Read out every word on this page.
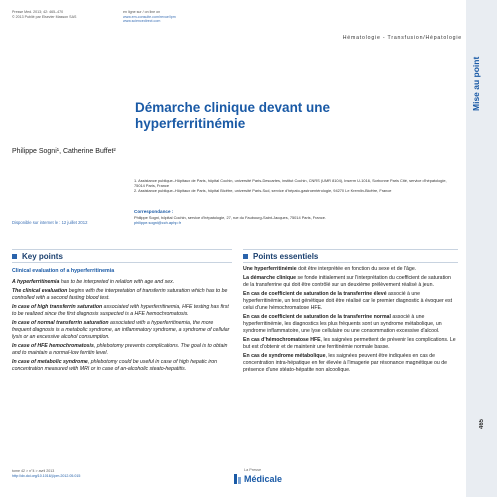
Presse Med. 2013; 42: 465–470
© 2013 Publié par Elsevier Masson SAS
en ligne sur / on line on
www.em-consulte.com/revue/lpm
www.sciencedirect.com
Hématologie - Transfusion/Hépatologie
Mise au point
465
Démarche clinique devant une hyperferritinémie
Philippe Sogni¹, Catherine Buffet²
1. Assistance publique–Hôpitaux de Paris, hôpital Cochin, université Paris-Descartes, institut Cochin, CNRS (UMR 8104), Inserm U-1016, Sorbonne Paris Cité, service d'hépatologie, 75014 Paris, France
2. Assistance publique–Hôpitaux de Paris, hôpital Bicêtre, université Paris-Sud, service d'hépato-gastroentérologie, 94270 Le Kremlin-Bicêtre, France
Disponible sur internet le : 12 juillet 2012
Correspondance :
Philippe Sogni, hôpital Cochin, service d'hépatologie, 27, rue du Faubourg-Saint-Jacques, 75014 Paris, France.
philippe.sogni@cch.aphp.fr
Key points
Clinical evaluation of a hyperferritinemia

A hyperferritinemia has to be interpreted in relation with age and sex.

The clinical evaluation begins with the interpretation of transferrin saturation which has to be controlled with a second fasting blood test.

In case of high transferrin saturation associated with hyperferritinemia, HFE testing has first to be realized since the first diagnosis suspected is a HFE hemochromatosis.

In case of normal transferrin saturation associated with a hyperferritinemia, the more frequent diagnosis is a metabolic syndrome, an inflammatory syndrome, a syndrome of cellular lysis or an excessive alcohol consumption.

In case of HFE hemochromatosis, phlebotomy prevents complications. The goal is to obtain and to maintain a normal-low ferritin level.

In case of metabolic syndrome, phlebotomy could be useful in case of high hepatic iron concentration measured with MRI or in case of an-alcoholic steato-hepatitis.

Points essentiels

Une hyperferritinémie doit être interprétée en fonction du sexe et de l'âge.

La démarche clinique se fonde initialement sur l'interprétation du coefficient de saturation de la transferrine qui doit être contrôlé sur un deuxième prélèvement réalisé à jeun.

En cas de coefficient de saturation de la transferrine élevé associé à une hyperferritinémie, un test génétique doit être réalisé car le premier diagnostic à évoquer est celui d'une hémochromatose HFE.

En cas de coefficient de saturation de la transferrine normal associé à une hyperferritinémie, les diagnostics les plus fréquents sont un syndrome métabolique, un syndrome inflammatoire, une lyse cellulaire ou une consommation excessive d'alcool.

En cas d'hémochromatose HFE, les saignées permettent de prévenir les complications. Le but est d'obtenir et de maintenir une ferritinémie normale basse.

En cas de syndrome métabolique, les saignées peuvent être indiquées en cas de concentration intra-hépatique en fer élevée à l'imagerie par résonance magnétique ou de présence d'une stéato-hépatite non alcoolique.

tome 42 > n°4 > avril 2013
http://dx.doi.org/10.1016/j.lpm.2012.05.015
La Presse
Médicale
